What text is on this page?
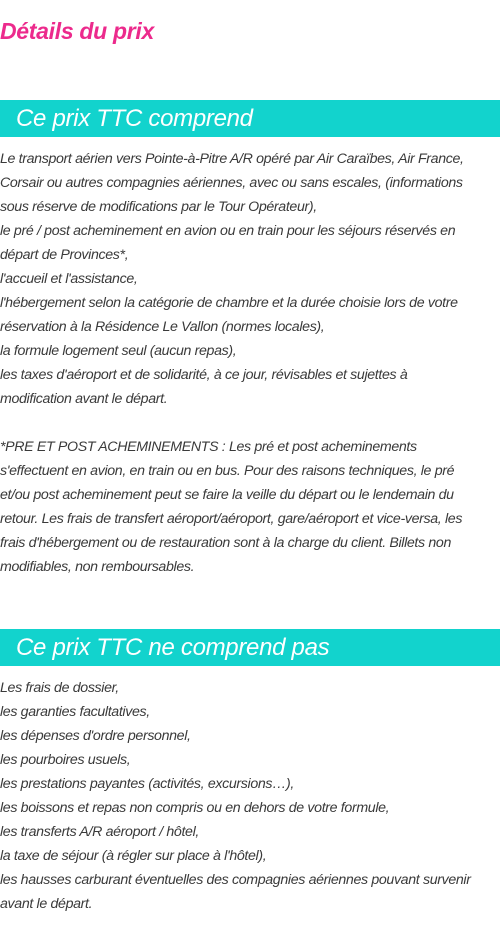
Détails du prix
Ce prix TTC comprend
Le transport aérien vers Pointe-à-Pitre A/R opéré par Air Caraïbes, Air France,
Corsair ou autres compagnies aériennes, avec ou sans escales, (informations
sous réserve de modifications par le Tour Opérateur),
le pré / post acheminement en avion ou en train pour les séjours réservés en
départ de Provinces*,
l'accueil et l'assistance,
l'hébergement selon la catégorie de chambre et la durée choisie lors de votre
réservation à la Résidence Le Vallon (normes locales),
la formule logement seul (aucun repas),
les taxes d'aéroport et de solidarité, à ce jour, révisables et sujettes à
modification avant le départ.
*PRE ET POST ACHEMINEMENTS : Les pré et post acheminements
s'effectuent en avion, en train ou en bus. Pour des raisons techniques, le pré
et/ou post acheminement peut se faire la veille du départ ou le lendemain du
retour. Les frais de transfert aéroport/aéroport, gare/aéroport et vice-versa, les
frais d'hébergement ou de restauration sont à la charge du client. Billets non
modifiables, non remboursables.
Ce prix TTC ne comprend pas
Les frais de dossier,
les garanties facultatives,
les dépenses d'ordre personnel,
les pourboires usuels,
les prestations payantes (activités, excursions…),
les boissons et repas non compris ou en dehors de votre formule,
les transferts A/R aéroport / hôtel,
la taxe de séjour (à régler sur place à l'hôtel),
les hausses carburant éventuelles des compagnies aériennes pouvant survenir
avant le départ.
